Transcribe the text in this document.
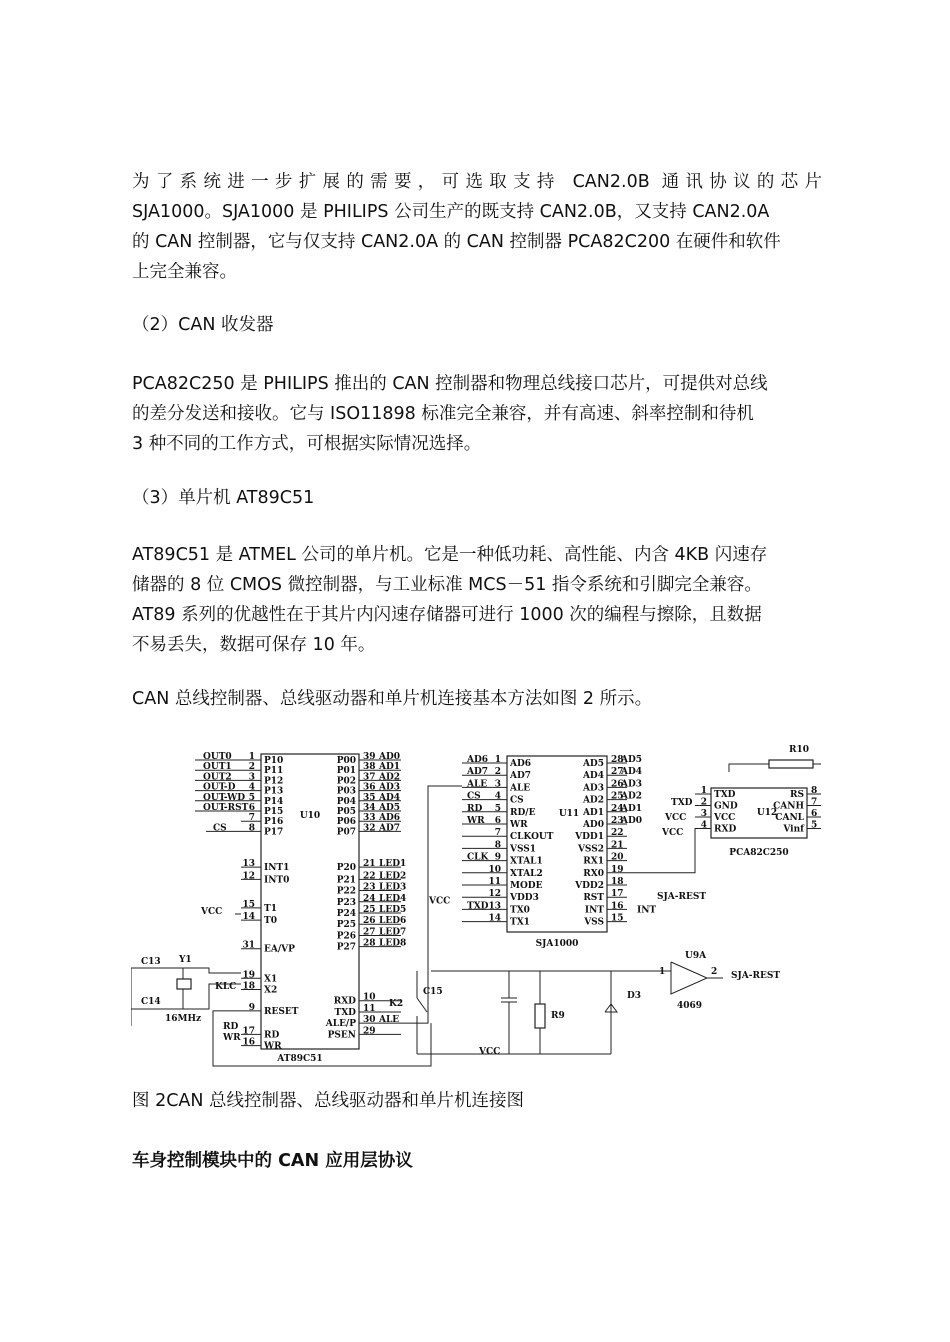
为了系统进一步扩展的需要，可选取支持 CAN2.0B 通讯协议的芯片
SJA1000。SJA1000 是 PHILIPS 公司生产的既支持 CAN2.0B，又支持 CAN2.0A
的 CAN 控制器，它与仅支持 CAN2.0A 的 CAN 控制器 PCA82C200 在硬件和软件
上完全兼容。
（2）CAN 收发器
PCA82C250 是 PHILIPS 推出的 CAN 控制器和物理总线接口芯片，可提供对总线
的差分发送和接收。它与 ISO11898 标准完全兼容，并有高速、斜率控制和待机
3 种不同的工作方式，可根据实际情况选择。
（3）单片机 AT89C51
AT89C51 是 ATMEL 公司的单片机。它是一种低功耗、高性能、内含 4KB 闪速存
储器的 8 位 CMOS 微控制器，与工业标准 MCS－51 指令系统和引脚完全兼容。
AT89 系列的优越性在于其片内闪速存储器可进行 1000 次的编程与擦除，且数据
不易丢失，数据可保存 10 年。
CAN 总线控制器、总线驱动器和单片机连接基本方法如图 2 所示。
U10
AT89C51
P10
1
P11
2
P12
3
P13
4
P14
5
P15
6
P16
7
P17
8
INT1
13
INT0
12
T1
15
T0
14
EA/VP
31
X1
19
X2
18
RESET
9
RD
17
WR
16
OUT0
OUT1
OUT2
OUT-D
OUT-WD
OUT-RST
CS
P00 39 AD0
P01 38 AD1
P02 37 AD2
P03 36 AD3
P04 35 AD4
P05 34 AD5
P06 33 AD6
P07 32 AD7
P20 21 LED1
P21 22 LED2
P22 23 LED3
P23 24 LED4
P24 25 LED5
P25 26 LED6
P26 27 LED7
P27 28 LED8
RXD 10
TXD 11
ALE/P 30
PSEN 29
ALE
VCC
C13 Y1
C14
16MHz
KLC
RD
WR
U11
SJA1000
AD6
1
AD6
AD7
2
AD7
ALE
3
ALE
CS
4
CS
RD/E
5
RD
WR
6
WR
CLKOUT
7
VSS1
8
XTAL1
9
CLK
XTAL2
10
MODE
11
VDD3
12
TX0
13
TXD
TX1
14
VCC
AD5 28
AD5
AD4 27
AD4
AD3 26
AD3
AD2 25
AD2
AD1 24
AD1
AD0 23
AD0
VDD1 22
VSS2 21
RX1 20
RX0 19
VDD2 18
RST 17
INT 16
VSS 15
VCC
SJA-REST
INT
U12
PCA82C250
TXD
1
GND
2
VCC
3
RXD
4
RS 8
CANH 7
CANL 6
Vinf 5
TXD
VCC
R10
K2
C15
R9
D3
VCC
U9A
4069
1	2 SJA-REST
图 2CAN 总线控制器、总线驱动器和单片机连接图
车身控制模块中的 CAN 应用层协议
